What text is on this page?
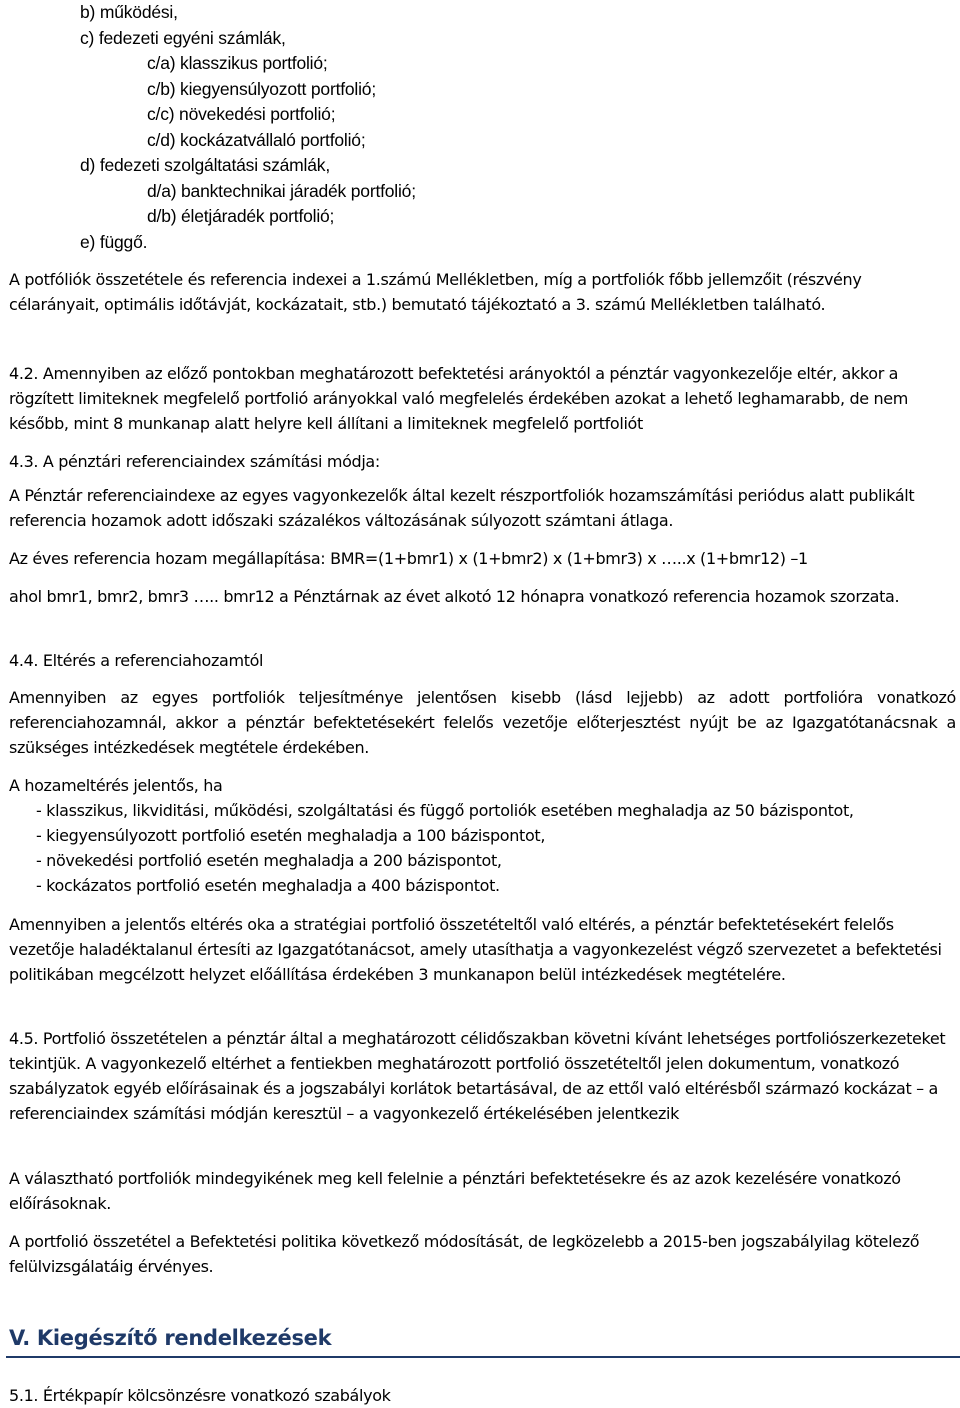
b) működési,
c) fedezeti egyéni számlák,
c/a) klasszikus portfolió;
c/b) kiegyensúlyozott portfolió;
c/c) növekedési portfolió;
c/d) kockázatvállaló portfolió;
d) fedezeti szolgáltatási számlák,
d/a) banktechnikai járadék portfolió;
d/b) életjáradék portfolió;
e) függő.

A potfóliók összetétele és referencia indexei a 1.számú Mellékletben, míg a portfoliók főbb jellemzőit (részvény célarányait, optimális időtávját, kockázatait, stb.) bemutató tájékoztató a 3. számú Mellékletben található.

4.2. Amennyiben az előző pontokban meghatározott befektetési arányoktól a pénztár vagyonkezelője eltér, akkor a rögzített limiteknek megfelelő portfolió arányokkal való megfelelés érdekében azokat a lehető leghamarabb, de nem később, mint 8 munkanap alatt helyre kell állítani a limiteknek megfelelő portfoliót

4.3. A pénztári referenciaindex számítási módja:

A Pénztár referenciaindexe az egyes vagyonkezelők által kezelt részportfoliók hozamszámítási periódus alatt publikált referencia hozamok adott időszaki százalékos változásának súlyozott számtani átlaga.

Az éves referencia hozam megállapítása: BMR=(1+bmr1) x (1+bmr2) x (1+bmr3) x …..x (1+bmr12) –1

ahol bmr1, bmr2, bmr3 ….. bmr12 a Pénztárnak az évet alkotó 12 hónapra vonatkozó referencia hozamok szorzata.

4.4. Eltérés a referenciahozamtól

Amennyiben az egyes portfoliók teljesítménye jelentősen kisebb (lásd lejjebb) az adott portfolióra vonatkozó referenciahozamnál, akkor a pénztár befektetésekért felelős vezetője előterjesztést nyújt be az Igazgatótanácsnak a szükséges intézkedések megtétele érdekében.

A hozameltérés jelentős, ha

- klasszikus, likviditási, működési, szolgáltatási és függő portoliók esetében meghaladja az 50 bázispontot,
- kiegyensúlyozott portfolió esetén meghaladja a 100 bázispontot,
- növekedési portfolió esetén meghaladja a 200 bázispontot,
- kockázatos portfolió esetén meghaladja a 400 bázispontot.

Amennyiben a jelentős eltérés oka a stratégiai portfolió összetételtől való eltérés, a pénztár befektetésekért felelős vezetője haladéktalanul értesíti az Igazgatótanácsot, amely utasíthatja a vagyonkezelést végző szervezetet a befektetési politikában megcélzott helyzet előállítása érdekében 3 munkanapon belül intézkedések megtételére.

4.5. Portfolió összetételen a pénztár által a meghatározott célidőszakban követni kívánt lehetséges portfoliószerkezeteket tekintjük. A vagyonkezelő eltérhet a fentiekben meghatározott portfolió összetételtől jelen dokumentum, vonatkozó szabályzatok egyéb előírásainak és a jogszabályi korlátok betartásával, de az ettől való eltérésből származó kockázat – a referenciaindex számítási módján keresztül – a vagyonkezelő értékelésében jelentkezik

A választható portfoliók mindegyikének meg kell felelnie a pénztári befektetésekre és az azok kezelésére vonatkozó előírásoknak.

A portfolió összetétel a Befektetési politika következő módosítását, de legközelebb a 2015-ben jogszabályilag kötelező felülvizsgálatáig érvényes.

V. Kiegészítő rendelkezések

5.1. Értékpapír kölcsönzésre vonatkozó szabályok
